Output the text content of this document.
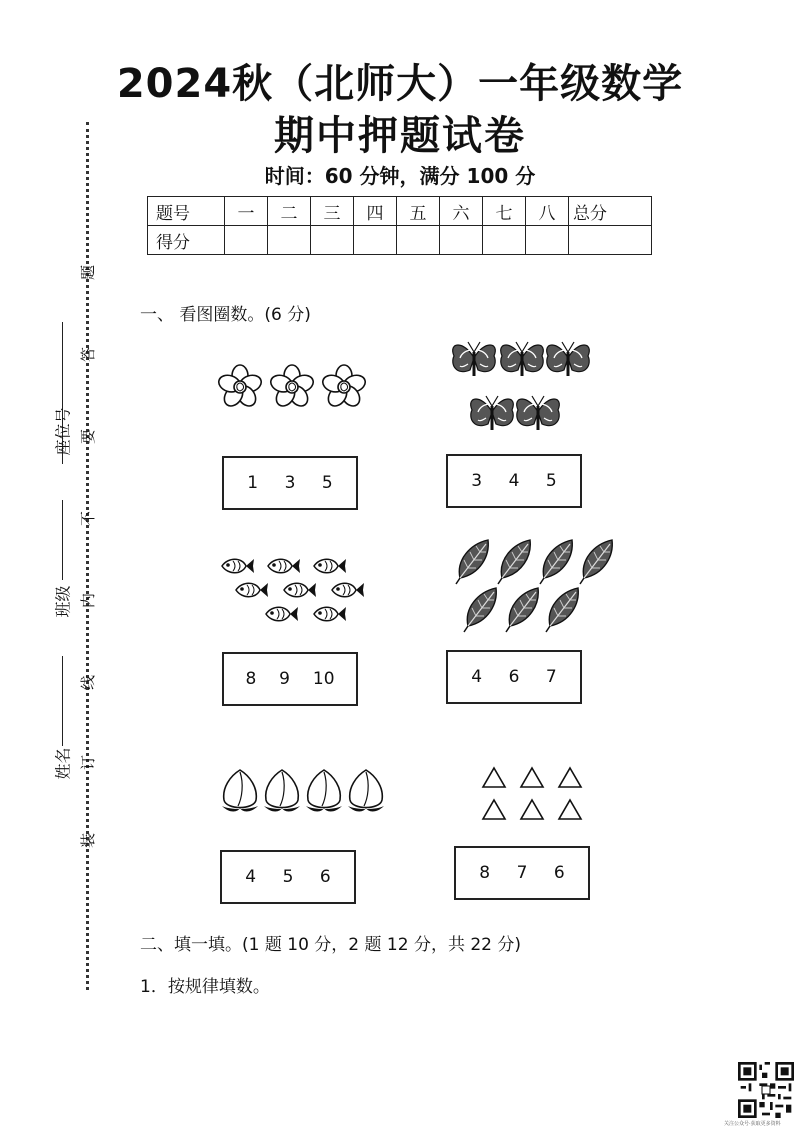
题
答
要
不
内
线
订
装
座位号
班级
姓名
2024秋（北师大）一年级数学
期中押题试卷
时间：60 分钟，满分 100 分
题号	一	二	三	四	五	六	七	八	总分
得分									
一、 看图圈数。(6 分)
1 3 5	3 4 5
8 9 10	4 6 7
4 5 6	8 7 6
二、填一填。(1 题 10 分，2 题 12 分，共 22 分)
1．按规律填数。
关注公众号·获取更多资料
